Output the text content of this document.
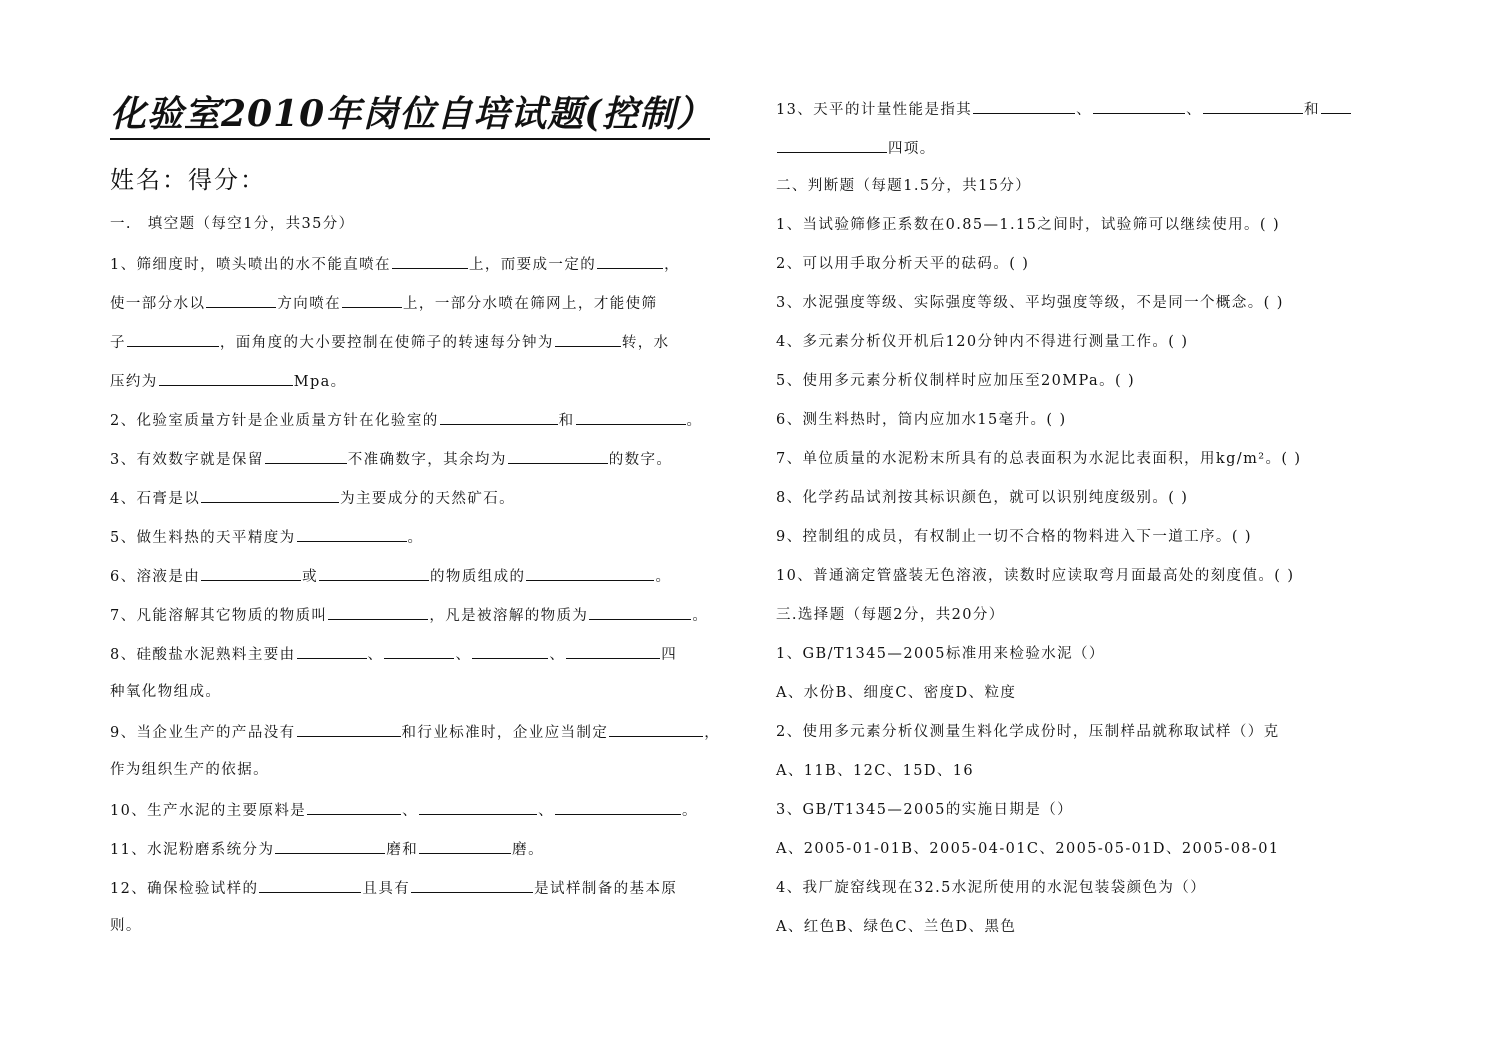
化验室2010年岗位自培试题(控制）
姓名：得分：
一.　填空题（每空1分，共35分）
1、筛细度时，喷头喷出的水不能直喷在	上，而要成一定的	，
使一部分水以	方向喷在	上，一部分水喷在筛网上，才能使筛
子	，面角度的大小要控制在使筛子的转速每分钟为	转，水
压约为	Mpa。
2、化验室质量方针是企业质量方针在化验室的	和	。
3、有效数字就是保留	不准确数字，其余均为	的数字。
4、石膏是以	为主要成分的天然矿石。
5、做生料热的天平精度为	。
6、溶液是由	或	的物质组成的	。
7、凡能溶解其它物质的物质叫	，凡是被溶解的物质为	。
8、硅酸盐水泥熟料主要由	、	、	、	四
种氧化物组成。
9、当企业生产的产品没有	和行业标准时，企业应当制定	，
作为组织生产的依据。
10、生产水泥的主要原料是	、	、	。
11、水泥粉磨系统分为	磨和	磨。
12、确保检验试样的	且具有	是试样制备的基本原
则。
13、天平的计量性能是指其	、	、	和
四项。
二、判断题（每题1.5分，共15分）
1、当试验筛修正系数在0.85—1.15之间时，试验筛可以继续使用。( )
2、可以用手取分析天平的砝码。( )
3、水泥强度等级、实际强度等级、平均强度等级，不是同一个概念。( )
4、多元素分析仪开机后120分钟内不得进行测量工作。( )
5、使用多元素分析仪制样时应加压至20MPa。( )
6、测生料热时，筒内应加水15毫升。( )
7、单位质量的水泥粉末所具有的总表面积为水泥比表面积，用kg/m²。( )
8、化学药品试剂按其标识颜色，就可以识别纯度级别。( )
9、控制组的成员，有权制止一切不合格的物料进入下一道工序。( )
10、普通滴定管盛装无色溶液，读数时应读取弯月面最高处的刻度值。( )
三.选择题（每题2分，共20分）
1、GB/T1345—2005标准用来检验水泥（）
A、水份B、细度C、密度D、粒度
2、使用多元素分析仪测量生料化学成份时，压制样品就称取试样（）克
A、11B、12C、15D、16
3、GB/T1345—2005的实施日期是（）
A、2005-01-01B、2005-04-01C、2005-05-01D、2005-08-01
4、我厂旋窑线现在32.5水泥所使用的水泥包装袋颜色为（）
A、红色B、绿色C、兰色D、黑色
